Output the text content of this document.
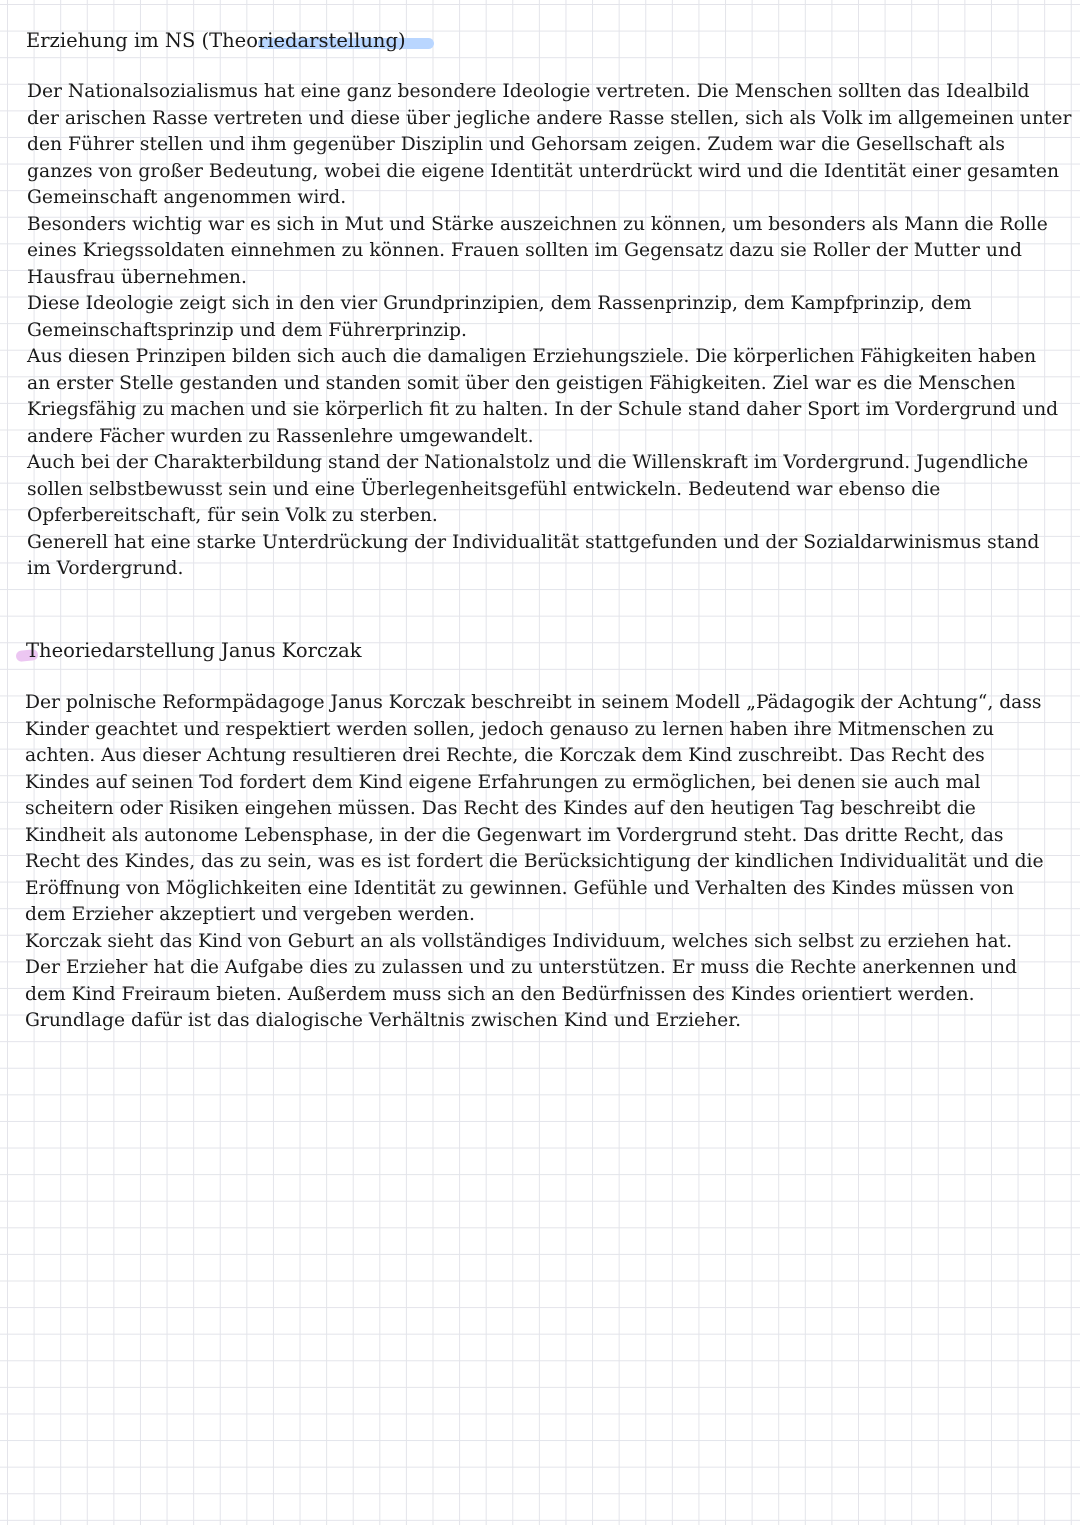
Erziehung im NS (Theoriedarstellung)

Der Nationalsozialismus hat eine ganz besondere Ideologie vertreten. Die Menschen sollten das Idealbild
der arischen Rasse vertreten und diese über jegliche andere Rasse stellen, sich als Volk im allgemeinen unter
den Führer stellen und ihm gegenüber Disziplin und Gehorsam zeigen. Zudem war die Gesellschaft als
ganzes von großer Bedeutung, wobei die eigene Identität unterdrückt wird und die Identität einer gesamten
Gemeinschaft angenommen wird.
Besonders wichtig war es sich in Mut und Stärke auszeichnen zu können, um besonders als Mann die Rolle
eines Kriegssoldaten einnehmen zu können. Frauen sollten im Gegensatz dazu sie Roller der Mutter und
Hausfrau übernehmen.
Diese Ideologie zeigt sich in den vier Grundprinzipien, dem Rassenprinzip, dem Kampfprinzip, dem
Gemeinschaftsprinzip und dem Führerprinzip.
Aus diesen Prinzipen bilden sich auch die damaligen Erziehungsziele. Die körperlichen Fähigkeiten haben
an erster Stelle gestanden und standen somit über den geistigen Fähigkeiten. Ziel war es die Menschen
Kriegsfähig zu machen und sie körperlich fit zu halten. In der Schule stand daher Sport im Vordergrund und
andere Fächer wurden zu Rassenlehre umgewandelt.
Auch bei der Charakterbildung stand der Nationalstolz und die Willenskraft im Vordergrund. Jugendliche
sollen selbstbewusst sein und eine Überlegenheitsgefühl entwickeln. Bedeutend war ebenso die
Opferbereitschaft, für sein Volk zu sterben.
Generell hat eine starke Unterdrückung der Individualität stattgefunden und der Sozialdarwinismus stand
im Vordergrund.

Theoriedarstellung Janus Korczak

Der polnische Reformpädagoge Janus Korczak beschreibt in seinem Modell „Pädagogik der Achtung“, dass
Kinder geachtet und respektiert werden sollen, jedoch genauso zu lernen haben ihre Mitmenschen zu
achten. Aus dieser Achtung resultieren drei Rechte, die Korczak dem Kind zuschreibt. Das Recht des
Kindes auf seinen Tod fordert dem Kind eigene Erfahrungen zu ermöglichen, bei denen sie auch mal
scheitern oder Risiken eingehen müssen. Das Recht des Kindes auf den heutigen Tag beschreibt die
Kindheit als autonome Lebensphase, in der die Gegenwart im Vordergrund steht. Das dritte Recht, das
Recht des Kindes, das zu sein, was es ist fordert die Berücksichtigung der kindlichen Individualität und die
Eröffnung von Möglichkeiten eine Identität zu gewinnen. Gefühle und Verhalten des Kindes müssen von
dem Erzieher akzeptiert und vergeben werden.
Korczak sieht das Kind von Geburt an als vollständiges Individuum, welches sich selbst zu erziehen hat.
Der Erzieher hat die Aufgabe dies zu zulassen und zu unterstützen. Er muss die Rechte anerkennen und
dem Kind Freiraum bieten. Außerdem muss sich an den Bedürfnissen des Kindes orientiert werden.
Grundlage dafür ist das dialogische Verhältnis zwischen Kind und Erzieher.
